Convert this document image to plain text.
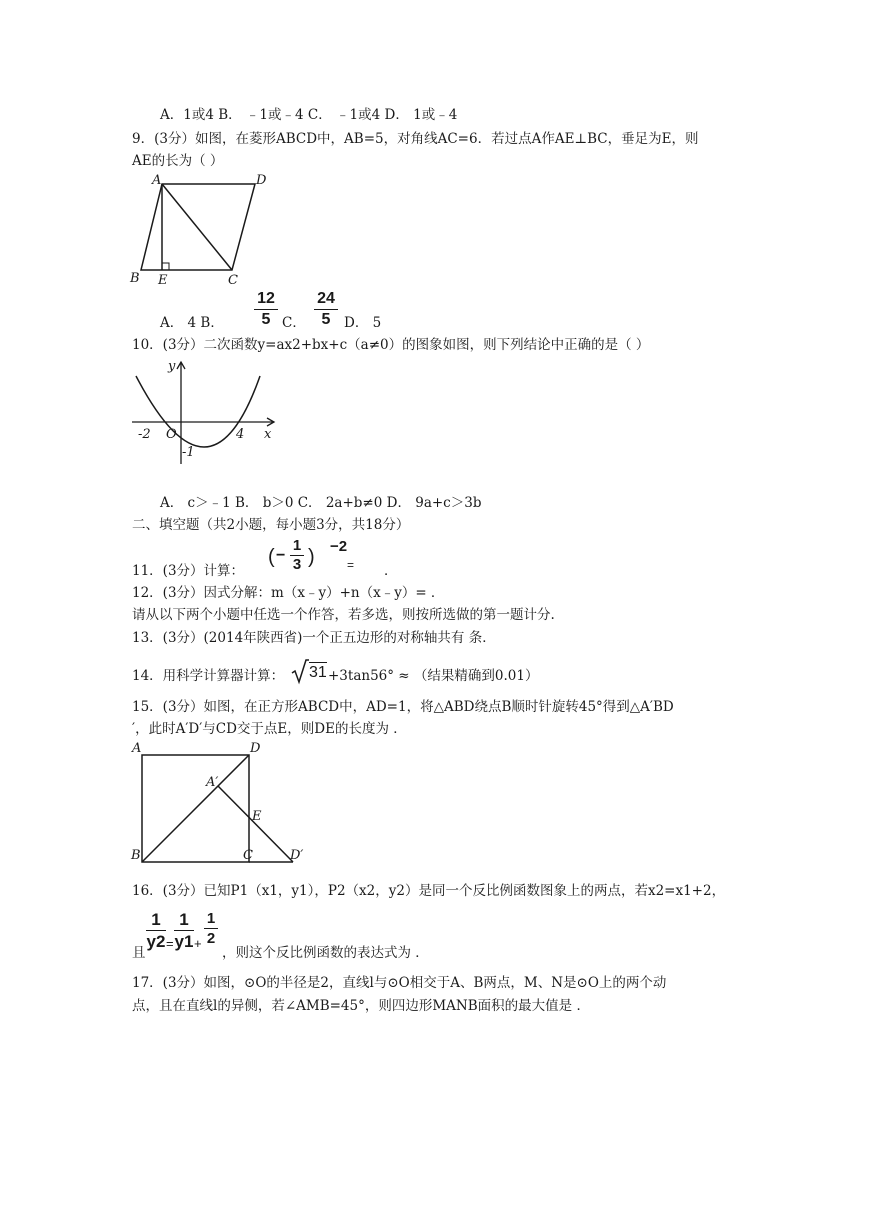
A．1或4 B． ﹣1或﹣4 C． ﹣1或4 D． 1或﹣4
9．(3分）如图，在菱形ABCD中，AB=5，对角线AC=6．若过点A作AE⊥BC，垂足为E，则
AE的长为（ ）
A	D
B E	C
A． 4 B．
12
5 C．
24
5	D． 5
10．(3分）二次函数y=ax2+bx+c（a≠0）的图象如图，则下列结论中正确的是（ ）
y
x
O
-2	4
-1
A． c＞﹣1 B． b＞0 C． 2a+b≠0 D． 9a+c＞3b
二、填空题（共2小题，每小题3分，共18分）
11．(3分）计算：
( −
1
3 ) −2
= ．
12．(3分）因式分解：m（x﹣y）+n（x﹣y）= ．
请从以下两个小题中任选一个作答，若多选，则按所选做的第一题计分.
13．(3分）(2014年陕西省)一个正五边形的对称轴共有 条．
14．用科学计算器计算： 31 +3tan56° ≈ （结果精确到0.01）
15．(3分）如图，在正方形ABCD中，AD=1，将△ABD绕点B顺时针旋转45°得到△A′BD
′，此时A′D′与CD交于点E，则DE的长度为 ．
A	D
A′
E
B	C	D′
16．(3分）已知P1（x1，y1），P2（x2，y2）是同一个反比例函数图象上的两点，若x2=x1+2，
且
1
y2 =
1
y1 +
1
2
，则这个反比例函数的表达式为 ．
17．(3分）如图，⊙O的半径是2，直线l与⊙O相交于A、B两点，M、N是⊙O上的两个动
点，且在直线l的异侧，若∠AMB=45°，则四边形MANB面积的最大值是 ．
